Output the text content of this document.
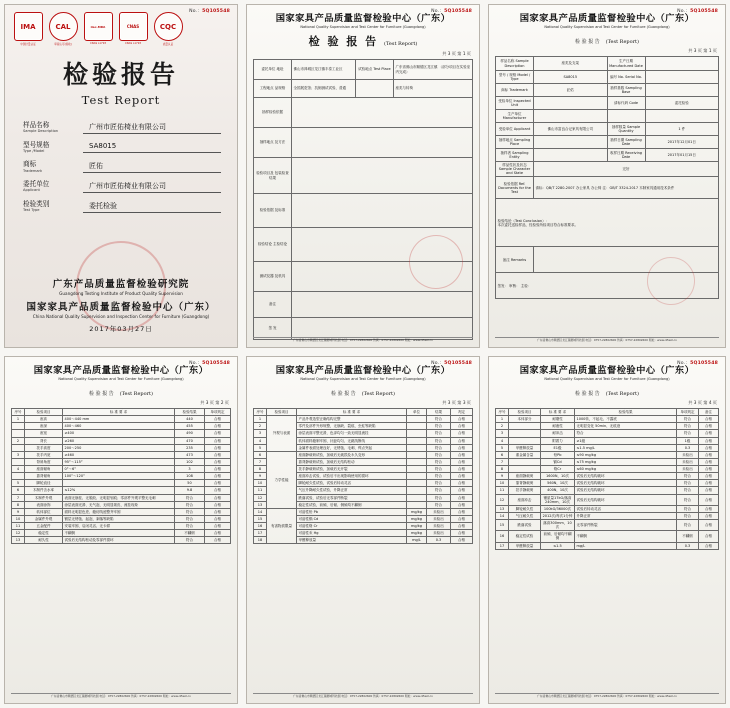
No.：5Q105548
IMA
中国计量认证
CAL
审查认可(验收)
ilac-MRA
CNAS L1793
CNAS
CNAS L1793
CQC
质量认证
检验报告
Test Report
样品名称
Sample Description
广州市匠佑椅业有限公司
型号规格
Type /Model
SA8015
商标
Trademark
匠佑
委托单位
Applicant
广州市匠佑椅业有限公司
检验类别
Test Type
委托检验
广东产品质量监督检验研究院
Guangdong Testing Institute of Product Quality Supervision
国家家具产品质量监督检验中心（广东）
China National Quality Supervision and Inspection Center for Furniture (Guangdong)
2017年03月27日
No.：5Q105548
国家家具产品质量监督检验中心（广东）
National Quality Supervision and Test Center for Furniture (Guangdong)
检 验 报 告 (Test Report)
共 3 页 第 1 页
委托单位 地址	佛山市禅城区龙江镇丰泰工业区	试验地点 Test Place	广东省佛山市顺德区龙江镇 （部分项目在实验室内完成）
工程地点 品规格	全国展览馆；抗倒测试试验、普通		座类与转椅
抽样检验依据			
抽样地点 及方法			
检验项目及 包装检查结果			
检验依据 及标准			
检验结论 主检结论			
测试仪器 及机具			
备注			
签 发			
广东省佛山市顺德区龙江镇展城科技园 电话：0757-22802600 传真：0757-22802600 网址：www.nftest.cn
No.：5Q105548
国家家具产品质量监督检验中心（广东）
National Quality Supervision and Test Center for Furniture (Guangdong)
检 验 报 告 (Test Report)
共 3 页 第 1 页
样品名称 Sample Description	座类及支架	生产日期 Manufactured Date	
型号 / 规格 Model / Type	SA8015	编号 No. Serial No.	
商标 Trademark	匠佑	抽样基数 Sampling Base	
受检单位 Inspected Unit		请标代码 Code	委托检验
生产单位 Manufacturer			
受检单位 Applicant	佛山市富良合记家具有限公司	抽样数量 Sample Quantity	1 件
抽样地点 Sampling Place		抽样日期 Sampling Date	2017年12月01日
抽样者 Sampling Entity		收样日期 Receiving Date	2017年01月15日
样品性状及状态 Sample Character and State	完好		
检验依据 Ref. Documents for the Test	请标：QB/T 2280-2007 办公家具 办公椅 注：GB/T 3324-2017 木制家具通用技术条件		
检验结论（Test Conclusion）：
本次委托送检样品，经检验所检项目符合标准要求。			
备注 Remarks			
签发： 审核： 主检：			
广东省佛山市顺德区龙江镇展城科技园 电话：0757-22802600 传真：0757-22802600 网址：www.nftest.cn
No.：5Q105548
国家家具产品质量监督检验中心（广东）
National Quality Supervision and Test Center for Furniture (Guangdong)
检 验 报 告 (Test Report)
共 3 页 第 2 页
序号	检验项目	标 准 要 求	检验结果	单项判定
1	座高	400～440 mm	440	合格
	座深	400～460	455	合格
	座宽	≥400	490	合格
2	背长	≥260	470	合格
	扶手高度	200～250	235	合格
3	扶手内宽	≥460	473	合格
	背斜角度	95°～115°	102	合格
4	座面倾角	0°～6°	3	合格
	靠背倾角	100°～120°	108	合格
5	脚轮直径		50	合格
6	木制件含水率	≤12%	9.8	合格
7	木制件外观	表面无崩茬、无脱胶、无明显划痕；零部件外观平整无毛刺	符合	合格
8	表面涂饰	涂层表面光滑、无气泡、无明显皱皮、流挂现象	符合	合格
9	软体部位	面料无明显色差、缝纫线迹整齐牢固	符合	合格
10	金属件外观	镀层无锈蚀、起泡、剥落等缺陷	符合	合格
11	五金配件	安装牢固、启闭灵活、无卡滞	符合	合格
12	稳定性	不翻倒	不翻倒	合格
13	耐久性	试验后无结构松动及零部件损坏	符合	合格
广东省佛山市顺德区龙江镇展城科技园 电话：0757-22802600 传真：0757-22802600 网址：www.nftest.cn
No.：5Q105548
国家家具产品质量监督检验中心（广东）
National Quality Supervision and Test Center for Furniture (Guangdong)
检 验 报 告 (Test Report)
共 3 页 第 3 页
序号	检验项目	标 准 要 求	单位	结果	判定
1	外观与表面	产品外观造型正确结构完整		符合	合格
2		零件及部件外形规整，无崩缺、裂痕、虫蛀等缺陷		符合	合格
3		涂层表面平整光滑，色泽均匀一致无明显流挂		符合	合格
4		软体面料缝制牢固、针距均匀、无跳线断线		符合	合格
5		金属件表面处理良好，无锈蚀、毛刺、焊点突起		符合	合格
6	力学性能	座面静载荷试验，加载后无破损及永久变形		符合	合格
7		靠背静载荷试验，加载后无结构松动		符合	合格
8		扶手静载荷试验，加载后无开裂		符合	合格
9		座面冲击试验，试验后不出现影响使用的损坏		符合	合格
10		脚轮耐久性试验，试验后转动灵活		符合	合格
11		气压升降耐久性试验，升降正常		符合	合格
12		跌落试验，试验后无零部件断裂		符合	合格
13		稳定性试验，前倾、后倾、侧倾均不翻倒		符合	合格
14	有害物质限量	可溶性铅 Pb	mg/kg	未检出	合格
15		可溶性镉 Cd	mg/kg	未检出	合格
16		可溶性铬 Cr	mg/kg	未检出	合格
17		可溶性汞 Hg	mg/kg	未检出	合格
18		甲醛释放量	mg/L	0.3	合格
广东省佛山市顺德区龙江镇展城科技园 电话：0757-22802600 传真：0757-22802600 网址：www.nftest.cn
No.：5Q105548
国家家具产品质量监督检验中心（广东）
National Quality Supervision and Test Center for Furniture (Guangdong)
检 验 报 告 (Test Report)
共 3 页 第 4 页
序号	检验项目	标 准 要 求	检验结果	单项判定	备注
1	本体部分	耐磨性	1000转，不起毛、不露底	符合	合格
2		耐液性	无明显变化 50min、无痕迹	符合	合格
3		耐冲击	符合	符合	合格
4		附着力	≥1级	1级	合格
5	甲醛释放量	E1级	≤1.5 mg/L	0.3	合格
6	重金属含量	铅Pb	≤90 mg/kg	未检出	合格
7		镉Cd	≤75 mg/kg	未检出	合格
8		铬Cr	≤60 mg/kg	未检出	合格
9	座面静载荷	1600N，10次	试验后无结构破坏	符合	合格
10	靠背静载荷	560N，10次	试验后无结构破坏	符合	合格
11	扶手静载荷	400N，10次	试验后无结构破坏	符合	合格
12	座面冲击	锤质量17kG/落高240mm，10次	试验后无结构破坏	符合	合格
13	脚轮耐久性	100kG/36000次	试验后转动灵活	符合	合格
14	气压耐久性	2012次/每次1分钟	升降正常	符合	合格
15	跌落试验	落高300mm，10次	无零部件断裂	符合	合格
16	稳定性试验	前倾、后倾均不翻倒	不翻倒	不翻倒	合格
17	甲醛释放量	≤1.5	mg/L	0.3	合格
广东省佛山市顺德区龙江镇展城科技园 电话：0757-22802600 传真：0757-22802600 网址：www.nftest.cn
